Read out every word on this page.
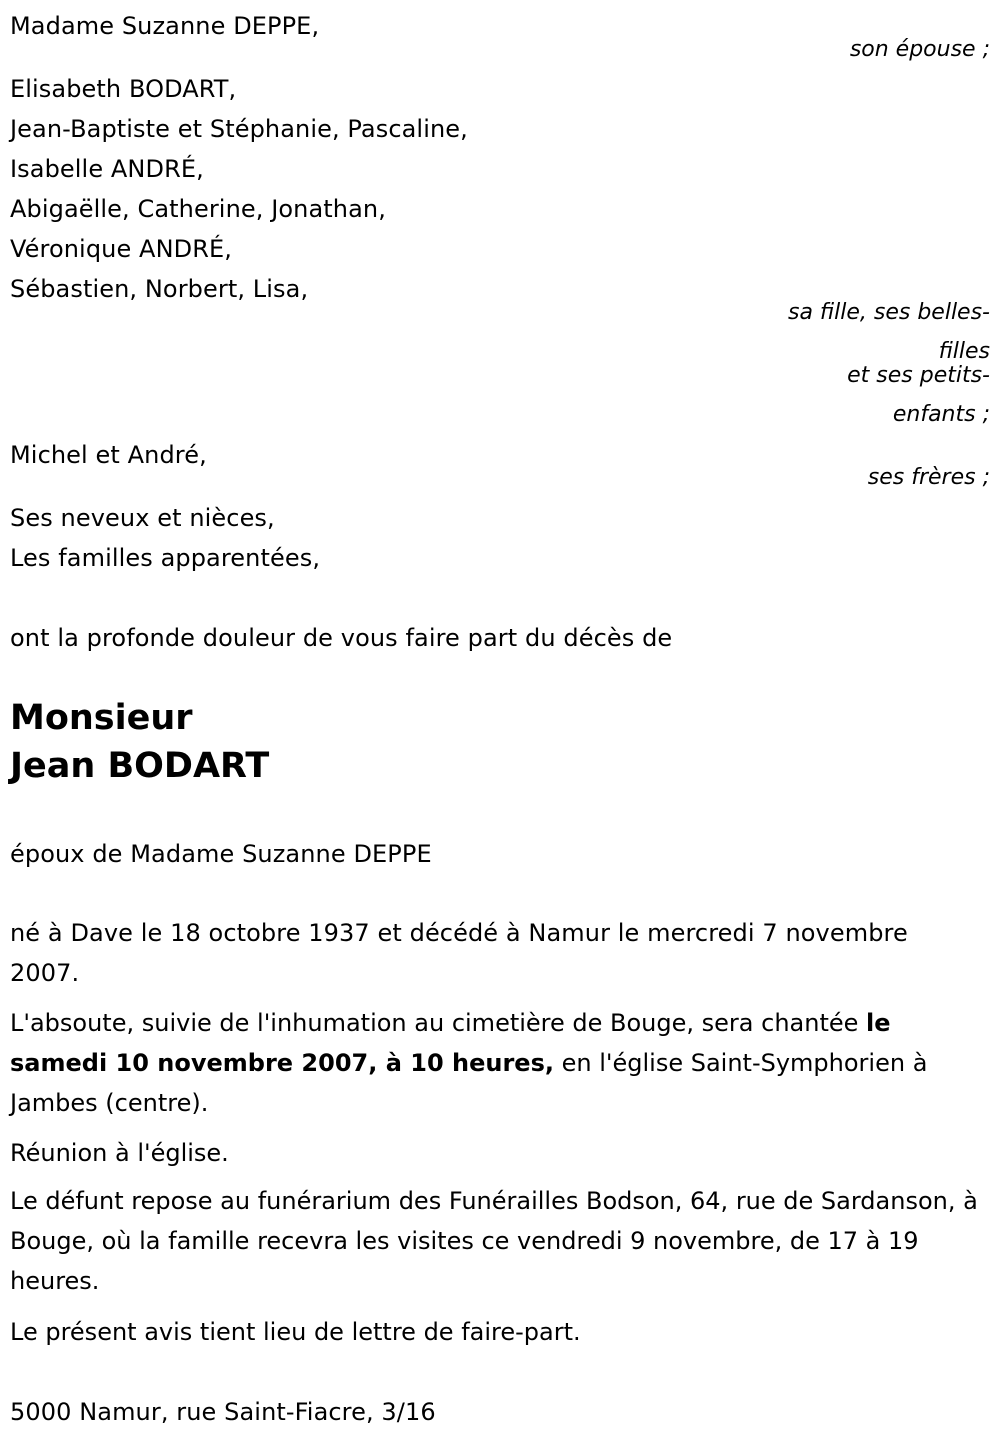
Madame Suzanne DEPPE,
son épouse ;
Elisabeth BODART,
Jean-Baptiste et Stéphanie, Pascaline,
Isabelle ANDRÉ,
Abigaëlle, Catherine, Jonathan,
Véronique ANDRÉ,
Sébastien, Norbert, Lisa,
sa fille, ses belles-
filles
et ses petits-
enfants ;
Michel et André,
ses frères ;
Ses neveux et nièces,
Les familles apparentées,
ont la profonde douleur de vous faire part du décès de
Monsieur
Jean BODART
époux de Madame Suzanne DEPPE
né à Dave le 18 octobre 1937 et décédé à Namur le mercredi 7 novembre
2007.
L'absoute, suivie de l'inhumation au cimetière de Bouge, sera chantée le samedi 10 novembre 2007, à 10 heures, en l'église Saint-Symphorien à Jambes (centre).
Réunion à l'église.
Le défunt repose au funérarium des Funérailles Bodson, 64, rue de Sardanson, à Bouge, où la famille recevra les visites ce vendredi 9 novembre, de 17 à 19 heures.
Le présent avis tient lieu de lettre de faire-part.
5000 Namur, rue Saint-Fiacre, 3/16
